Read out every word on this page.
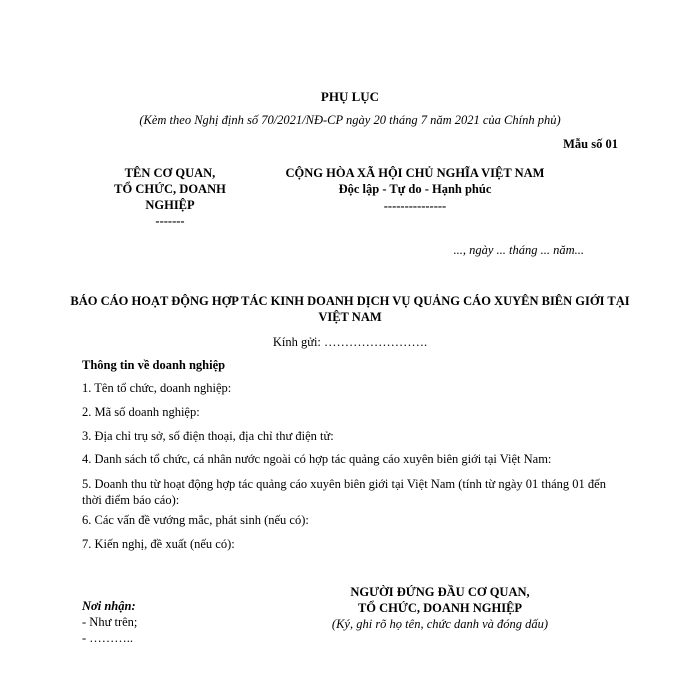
PHỤ LỤC
(Kèm theo Nghị định số 70/2021/NĐ-CP ngày 20 tháng 7 năm 2021 của Chính phủ)
Mẫu số 01
TÊN CƠ QUAN,
TỔ CHỨC, DOANH
NGHIỆP
-------
CỘNG HÒA XÃ HỘI CHỦ NGHĨA VIỆT NAM
Độc lập - Tự do - Hạnh phúc
---------------
..., ngày ... tháng ... năm...
BÁO CÁO HOẠT ĐỘNG HỢP TÁC KINH DOANH DỊCH VỤ QUẢNG CÁO XUYÊN BIÊN GIỚI TẠI VIỆT NAM
Kính gửi: …………………….
Thông tin về doanh nghiệp
1. Tên tổ chức, doanh nghiệp:
2. Mã số doanh nghiệp:
3. Địa chỉ trụ sở, số điện thoại, địa chỉ thư điện tử:
4. Danh sách tổ chức, cá nhân nước ngoài có hợp tác quảng cáo xuyên biên giới tại Việt Nam:
5. Doanh thu từ hoạt động hợp tác quảng cáo xuyên biên giới tại Việt Nam (tính từ ngày 01 tháng 01 đến thời điểm báo cáo):
6. Các vấn đề vướng mắc, phát sinh (nếu có):
7. Kiến nghị, đề xuất (nếu có):
NGƯỜI ĐỨNG ĐẦU CƠ QUAN,
TỔ CHỨC, DOANH NGHIỆP
(Ký, ghi rõ họ tên, chức danh và đóng dấu)
Nơi nhận:
- Như trên;
- ………..
